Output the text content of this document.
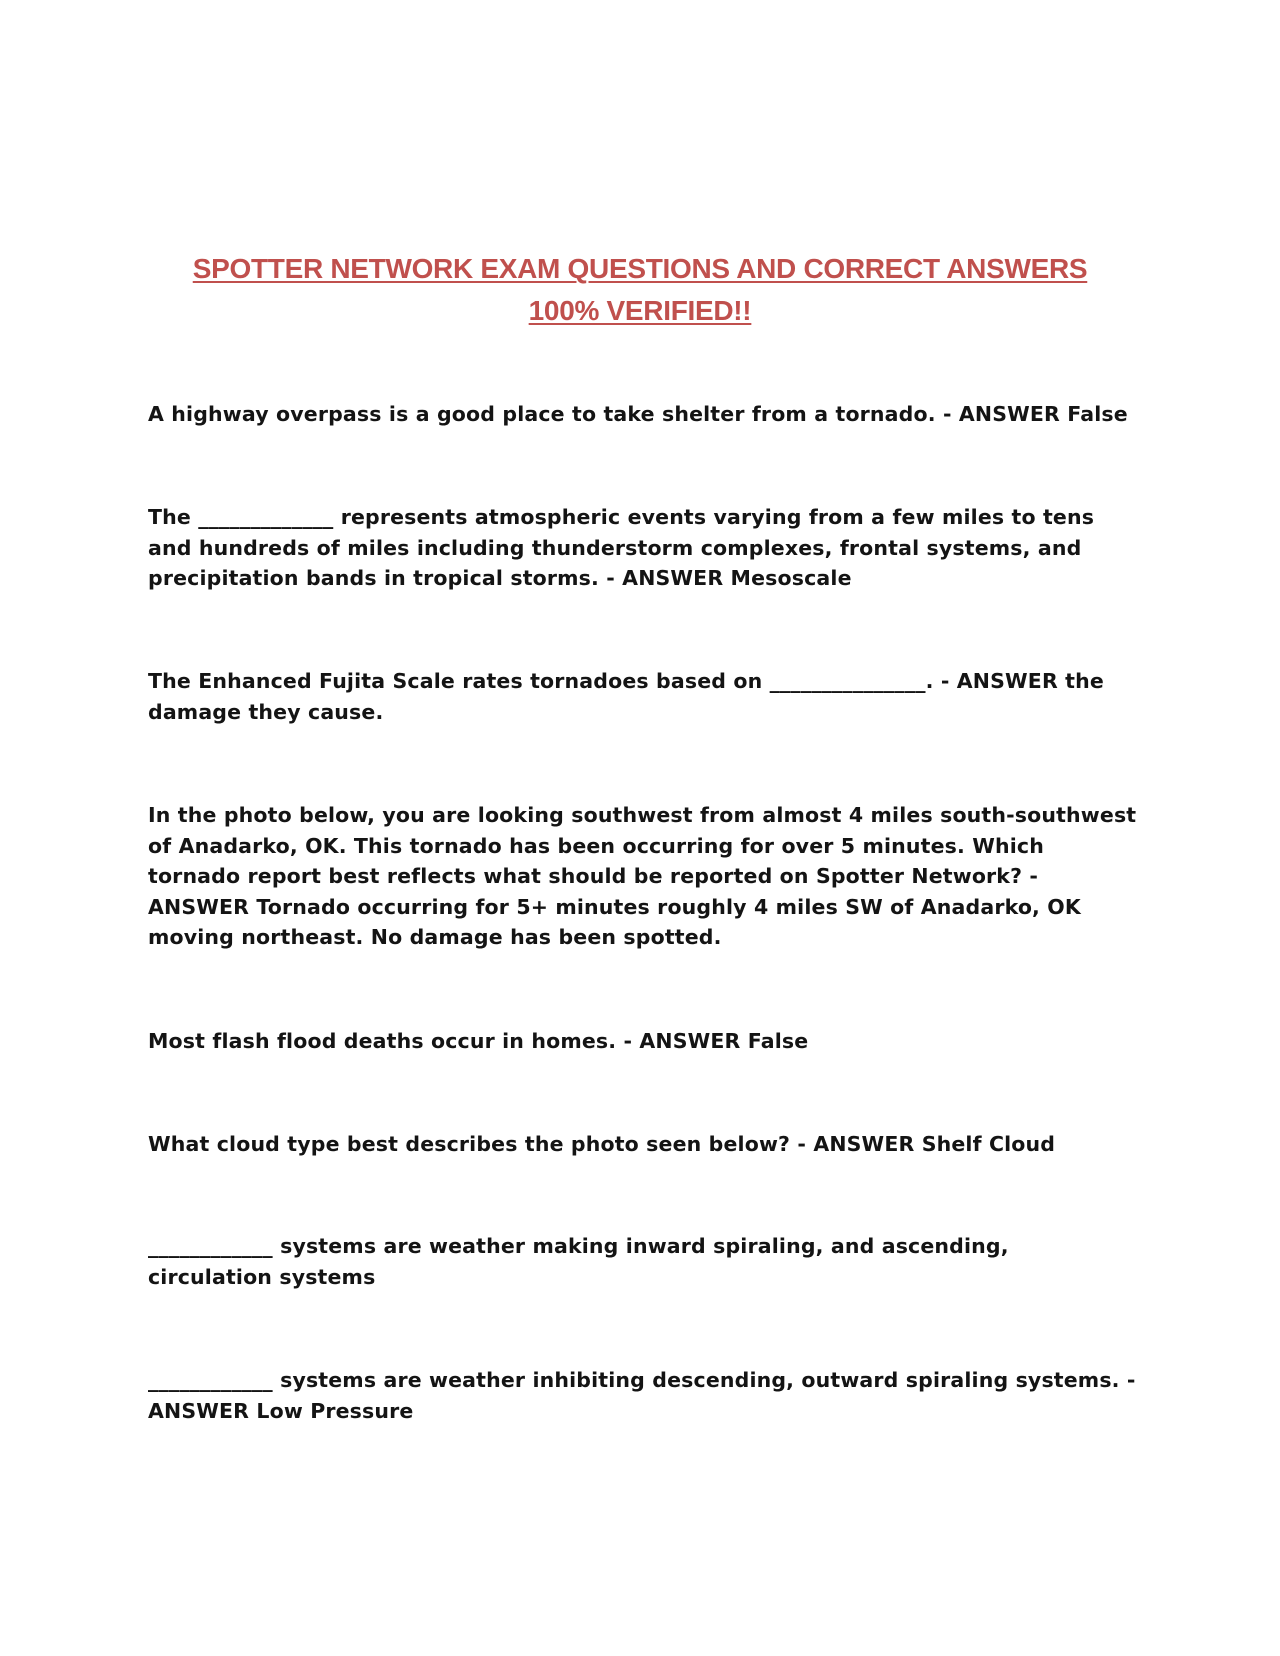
SPOTTER NETWORK EXAM QUESTIONS AND CORRECT ANSWERS
100% VERIFIED!!
A highway overpass is a good place to take shelter from a tornado. - ANSWER False
The _____________ represents atmospheric events varying from a few miles to tens and hundreds of miles including thunderstorm complexes, frontal systems, and precipitation bands in tropical storms. - ANSWER Mesoscale
The Enhanced Fujita Scale rates tornadoes based on _______________. - ANSWER the damage they cause.
In the photo below, you are looking southwest from almost 4 miles south-southwest of Anadarko, OK. This tornado has been occurring for over 5 minutes. Which tornado report best reflects what should be reported on Spotter Network? - ANSWER Tornado occurring for 5+ minutes roughly 4 miles SW of Anadarko, OK moving northeast. No damage has been spotted.
Most flash flood deaths occur in homes. - ANSWER False
What cloud type best describes the photo seen below? - ANSWER Shelf Cloud
____________ systems are weather making inward spiraling, and ascending, circulation systems
____________ systems are weather inhibiting descending, outward spiraling systems. - ANSWER Low Pressure
